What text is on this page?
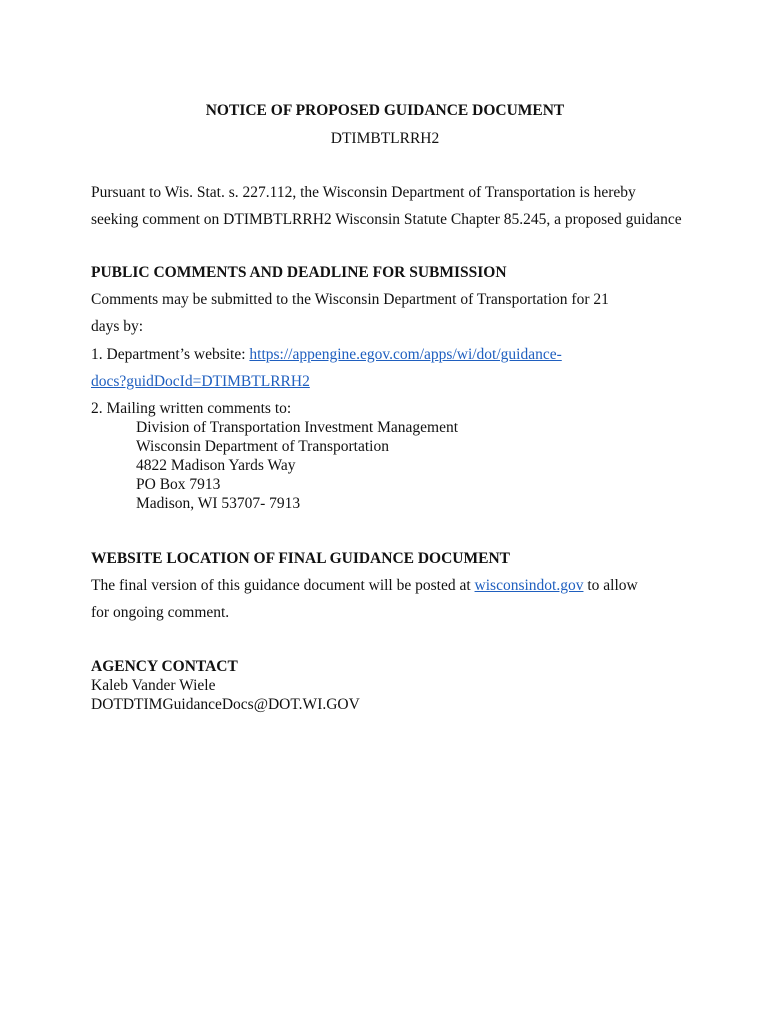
NOTICE OF PROPOSED GUIDANCE DOCUMENT
DTIMBTLRRH2
Pursuant to Wis. Stat. s. 227.112, the Wisconsin Department of Transportation is hereby
seeking comment on DTIMBTLRRH2 Wisconsin Statute Chapter 85.245, a proposed guidance
PUBLIC COMMENTS AND DEADLINE FOR SUBMISSION
Comments may be submitted to the Wisconsin Department of Transportation for 21
days by:
1. Department’s website: https://appengine.egov.com/apps/wi/dot/guidance-
docs?guidDocId=DTIMBTLRRH2
2. Mailing written comments to:
Division of Transportation Investment Management
Wisconsin Department of Transportation
4822 Madison Yards Way
PO Box 7913
Madison, WI 53707- 7913
WEBSITE LOCATION OF FINAL GUIDANCE DOCUMENT
The final version of this guidance document will be posted at wisconsindot.gov to allow
for ongoing comment.
AGENCY CONTACT
Kaleb Vander Wiele
DOTDTIMGuidanceDocs@DOT.WI.GOV
